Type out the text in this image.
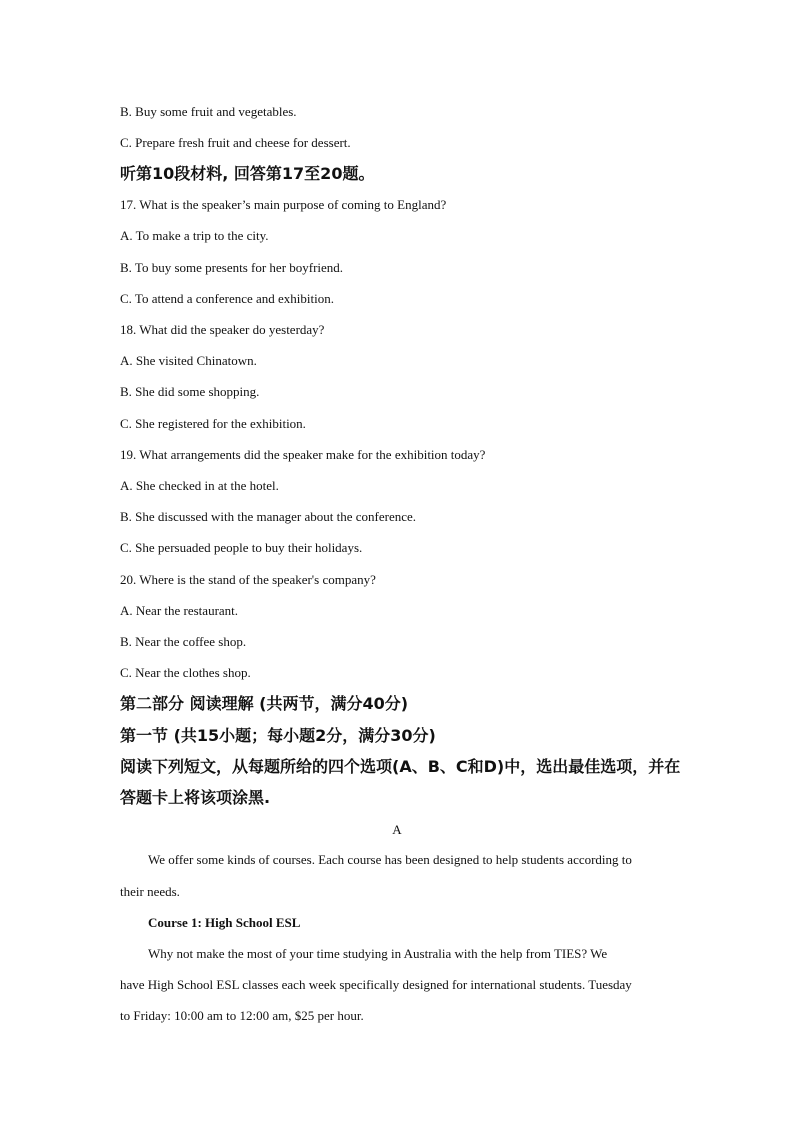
B. Buy some fruit and vegetables.
C. Prepare fresh fruit and cheese for dessert.
听第10段材料, 回答第17至20题。
17. What is the speaker’s main purpose of coming to England?
A. To make a trip to the city.
B. To buy some presents for her boyfriend.
C. To attend a conference and exhibition.
18. What did the speaker do yesterday?
A. She visited Chinatown.
B. She did some shopping.
C. She registered for the exhibition.
19. What arrangements did the speaker make for the exhibition today?
A. She checked in at the hotel.
B. She discussed with the manager about the conference.
C. She persuaded people to buy their holidays.
20. Where is the stand of the speaker's company?
A. Near the restaurant.
B. Near the coffee shop.
C. Near the clothes shop.
第二部分 阅读理解 (共两节，满分40分)
第一节 (共15小题；每小题2分，满分30分)
阅读下列短文，从每题所给的四个选项(A、B、C和D)中，选出最佳选项，并在
答题卡上将该项涂黑.
A
We offer some kinds of courses. Each course has been designed to help students according to
their needs.
Course 1: High School ESL
Why not make the most of your time studying in Australia with the help from TIES? We
have High School ESL classes each week specifically designed for international students. Tuesday
to Friday: 10:00 am to 12:00 am, $25 per hour.
